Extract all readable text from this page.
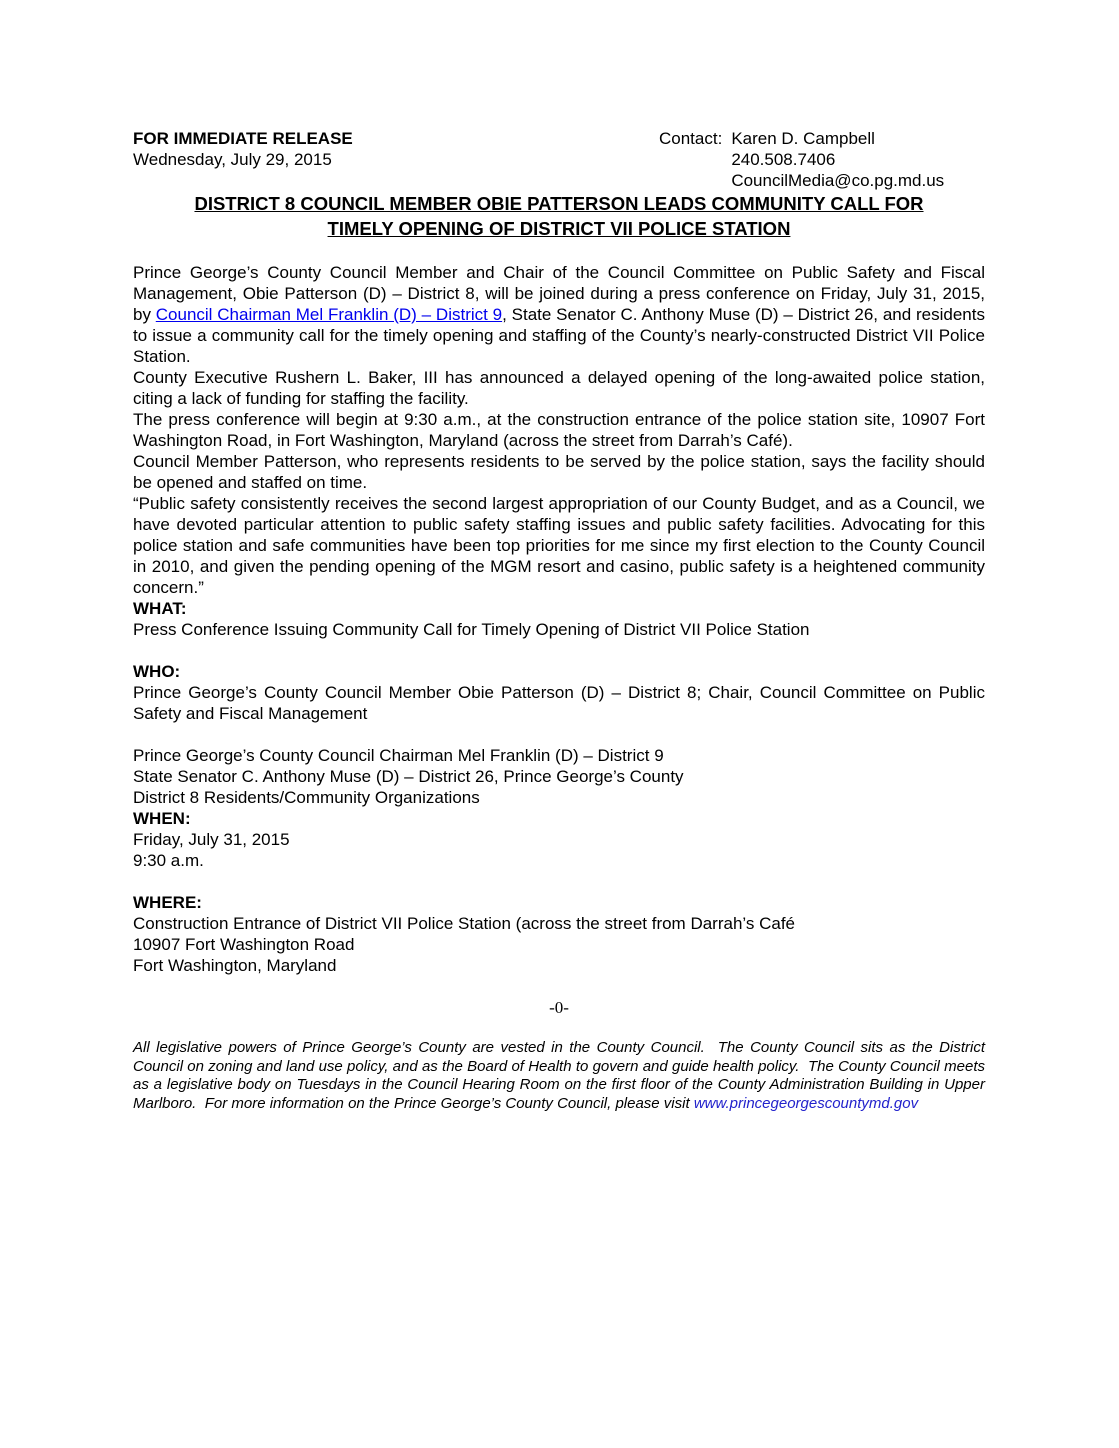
FOR IMMEDIATE RELEASE
Wednesday, July 29, 2015
Contact: Karen D. Campbell
240.508.7406
CouncilMedia@co.pg.md.us
DISTRICT 8 COUNCIL MEMBER OBIE PATTERSON LEADS COMMUNITY CALL FOR
TIMELY OPENING OF DISTRICT VII POLICE STATION

Prince George’s County Council Member and Chair of the Council Committee on Public Safety and Fiscal Management, Obie Patterson (D) – District 8, will be joined during a press conference on Friday, July 31, 2015, by Council Chairman Mel Franklin (D) – District 9, State Senator C. Anthony Muse (D) – District 26, and residents to issue a community call for the timely opening and staffing of the County’s nearly-constructed District VII Police Station.

County Executive Rushern L. Baker, III has announced a delayed opening of the long-awaited police station, citing a lack of funding for staffing the facility.

The press conference will begin at 9:30 a.m., at the construction entrance of the police station site, 10907 Fort Washington Road, in Fort Washington, Maryland (across the street from Darrah’s Café).

Council Member Patterson, who represents residents to be served by the police station, says the facility should be opened and staffed on time.

“Public safety consistently receives the second largest appropriation of our County Budget, and as a Council, we have devoted particular attention to public safety staffing issues and public safety facilities. Advocating for this police station and safe communities have been top priorities for me since my first election to the County Council in 2010, and given the pending opening of the MGM resort and casino, public safety is a heightened community concern.”

WHAT:

Press Conference Issuing Community Call for Timely Opening of District VII Police Station

WHO:

Prince George’s County Council Member Obie Patterson (D) – District 8; Chair, Council Committee on Public Safety and Fiscal Management

Prince George’s County Council Chairman Mel Franklin (D) – District 9

State Senator C. Anthony Muse (D) – District 26, Prince George’s County

District 8 Residents/Community Organizations

WHEN:
Friday, July 31, 2015
9:30 a.m.
WHERE:
Construction Entrance of District VII Police Station (across the street from Darrah’s Café
10907 Fort Washington Road
Fort Washington, Maryland
-0-

All legislative powers of Prince George’s County are vested in the County Council.  The County Council sits as the District Council on zoning and land use policy, and as the Board of Health to govern and guide health policy.  The County Council meets as a legislative body on Tuesdays in the Council Hearing Room on the first floor of the County Administration Building in Upper Marlboro.  For more information on the Prince George’s County Council, please visit www.princegeorgescountymd.gov
